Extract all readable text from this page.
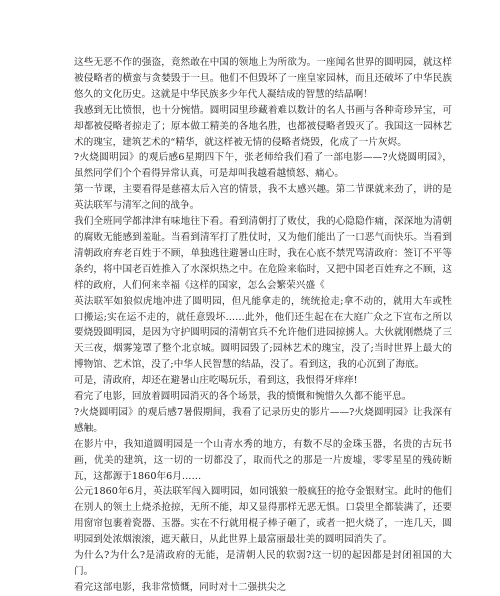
这些无恶不作的强盗，竟然敢在中国的领地上为所欲为。一座闻名世界的圆明园，就这样被侵略者的横蛮与贪婪毁于一旦。他们不但毁坏了一座皇家园林，而且还破坏了中华民族悠久的文化历史。这就是中华民族多少年代人凝结成的智慧的结晶啊！

我感到无比愤恨，也十分惋惜。圆明园里珍藏着难以数计的名人书画与各种奇珍异宝，可却都被侵略者掠走了；原本做工精美的各地名胜，也都被侵略者毁灭了。我国这一园林艺术的瑰宝，建筑艺术的“精华，就这样被无情的侵略者烧毁，化成了一片灰烬。

?火烧圆明园》的观后感6星期四下午，张老师给我们看了一部电影——?火烧圆明园》，虽然同学们个个看得异常认真，可是却叫我越看越愤怒、痛心。

第一节课，主要看得是慈禧太后入宫的情景，我不太感兴趣。第二节课就来劲了，讲的是英法联军与清军之间的战争。

我们全班同学都津津有味地往下看。看到清朝打了败仗，我的心隐隐作痛，深深地为清朝的腐败无能感到羞耻。当看到清军打了胜仗时，又为他们能出了一口恶气而快乐。当看到清朝政府弃老百姓于不顾，单独逃往避暑山庄时，我在心底不禁咒骂清政府：签订不平等条约，将中国老百姓推入了水深炽热之中。在危险来临时，又把中国老百姓弃之不顾，这样的政府，人们何来幸福《这样的国家，怎么会繁荣兴盛《

英法联军如狼似虎地冲进了圆明园，但凡能拿走的，统统抢走;拿不动的，就用大车或牲口搬运;实在运不走的，就任意毁坏……此外，他们还生起在在大庭广众之下宣布之所以要烧毁圆明园，是因为守护圆明园的清朝官兵不允许他们进园掠掳人。大伙就刚燃烧了三天三夜，烟雾笼罩了整个北京城。圆明园毁了;园林艺术的瑰宝，没了;当时世界上最大的博物馆、艺术馆，没了;中华人民智慧的结晶，没了。看到这，我的心沉到了海底。

可是，清政府，却还在避暑山庄吃喝玩乐，看到这，我恨得牙痒痒!

看完了电影，回放着圆明园消灭的各个场景，我的愤慨和惋惜久久都不能平息。

?火烧圆明园》的观后感7暑假期间，我看了记录历史的影片——?火烧圆明园》让我深有感触。

在影片中，我知道圆明园是一个山青水秀的地方，有数不尽的金珠玉器，名贵的古玩书画，优美的建筑，这一切的一切都没了，取而代之的那是一片废墟，零零星星的残砖断瓦，这都源于1860年6月……

公元1860年6月，英法联军闯入圆明园，如同饿狼一般疯狂的抢夺金银财宝。此时的他们在别人的领土上烧杀抢掠，无所不能，却又显得那样无恶无惧。口袋里全都装满了，还要用窗帘包裹着瓷器、玉器。实在不行就用棍子棒子砸了，或者一把火烧了，一连几天，圆明园到处浓烟滚滚，遮天蔽日，从此世界上最富丽最壮美的圆明园消失了。

为什么?为什么?是清政府的无能，是清朝人民的软弱?这一切的起因都是封闭祖国的大门。

看完这部电影，我非常愤慨，同时对十二强拱尖之
